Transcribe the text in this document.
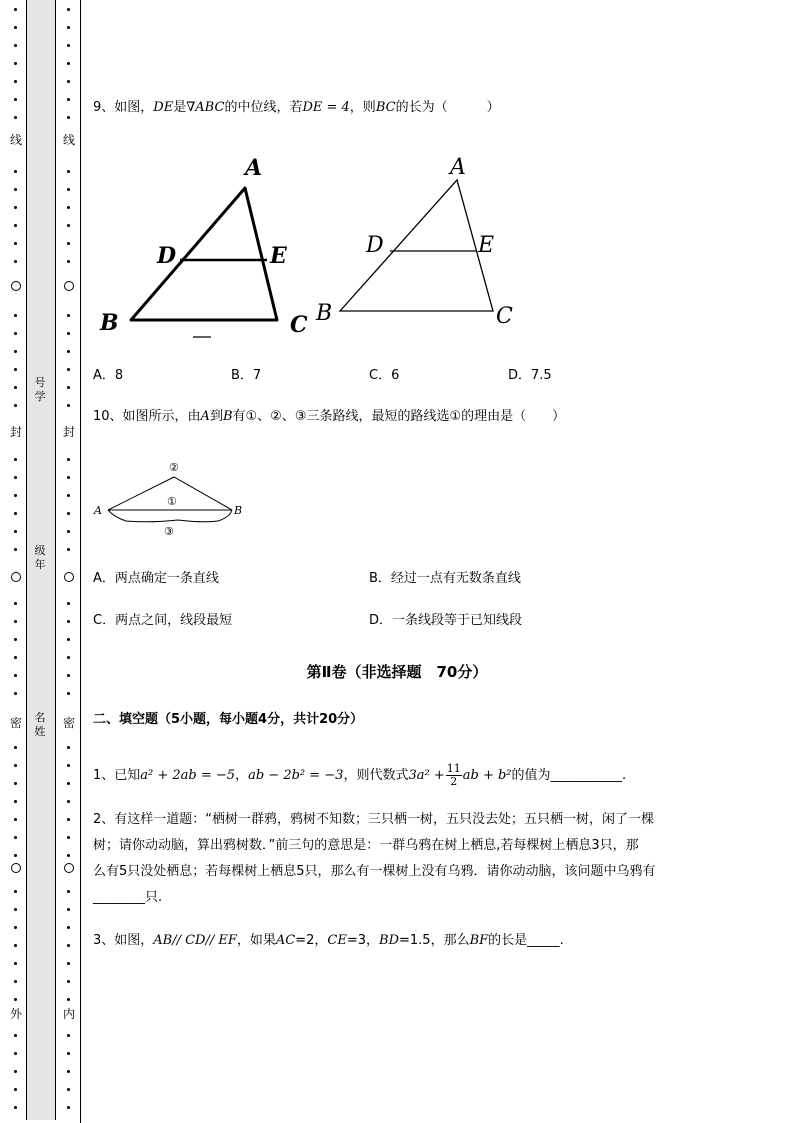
线
封
密
外
线
封
密
内
号
学
级
年
名
姓
9、如图，DE是∇ABC的中位线，若DE = 4，则BC的长为（　　　）
A
D	E
B	C
A
D	E
B	C
A．8	B．7	C．6	D．7.5
10、如图所示，由A到B有①、②、③三条路线，最短的路线选①的理由是（　　）
A	B
①
②
③
A．两点确定一条直线	B．经过一点有无数条直线
C．两点之间，线段最短	D．一条线段等于已知线段
第Ⅱ卷（非选择题　70分）
二、填空题（5小题，每小题4分，共计20分）
1、已知a² + 2ab = −5，ab − 2b² = −3，则代数式$3a^2 + \frac{11}{2}$ ab + b²的值为___________.
2、有这样一道题：“栖树一群鸦，鸦树不知数；三只栖一树，五只没去处；五只栖一树，闲了一棵
树；请你动动脑，算出鸦树数．”前三句的意思是：一群乌鸦在树上栖息,若每棵树上栖息3只，那
么有5只没处栖息；若每棵树上栖息5只，那么有一棵树上没有乌鸦．请你动动脑，该问题中乌鸦有
________只.
3、如图，AB// CD// EF，如果AC=2，CE=3，BD=1.5，那么BF的长是_____.
